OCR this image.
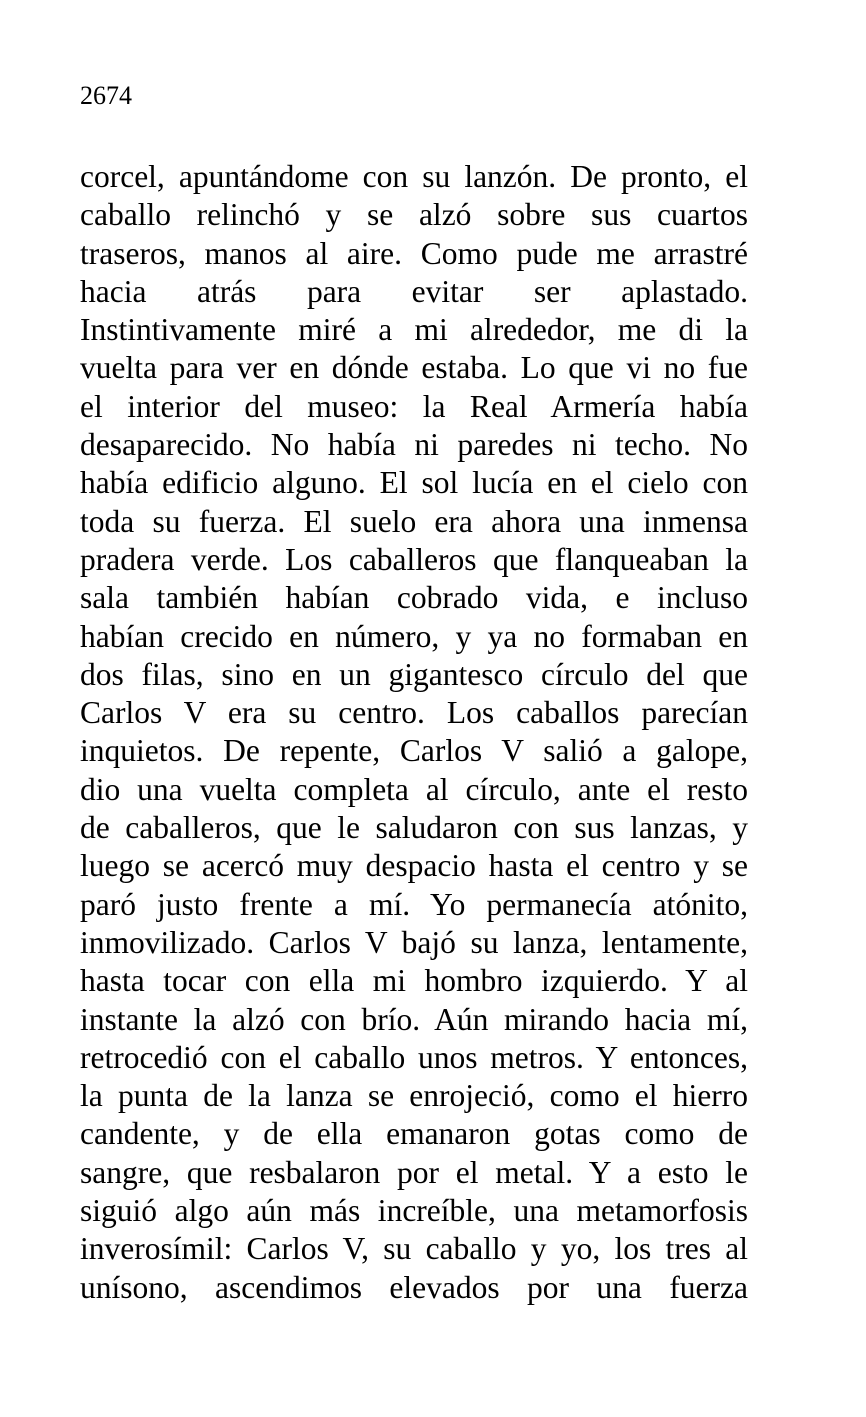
2674
corcel, apuntándome con su lanzón. De pronto, el
caballo relinchó y se alzó sobre sus cuartos
traseros, manos al aire. Como pude me arrastré
hacia atrás para evitar ser aplastado.
Instintivamente miré a mi alrededor, me di la
vuelta para ver en dónde estaba. Lo que vi no fue
el interior del museo: la Real Armería había
desaparecido. No había ni paredes ni techo. No
había edificio alguno. El sol lucía en el cielo con
toda su fuerza. El suelo era ahora una inmensa
pradera verde. Los caballeros que flanqueaban la
sala también habían cobrado vida, e incluso
habían crecido en número, y ya no formaban en
dos filas, sino en un gigantesco círculo del que
Carlos V era su centro. Los caballos parecían
inquietos. De repente, Carlos V salió a galope,
dio una vuelta completa al círculo, ante el resto
de caballeros, que le saludaron con sus lanzas, y
luego se acercó muy despacio hasta el centro y se
paró justo frente a mí. Yo permanecía atónito,
inmovilizado. Carlos V bajó su lanza, lentamente,
hasta tocar con ella mi hombro izquierdo. Y al
instante la alzó con brío. Aún mirando hacia mí,
retrocedió con el caballo unos metros. Y entonces,
la punta de la lanza se enrojeció, como el hierro
candente, y de ella emanaron gotas como de
sangre, que resbalaron por el metal. Y a esto le
siguió algo aún más increíble, una metamorfosis
inverosímil: Carlos V, su caballo y yo, los tres al
unísono, ascendimos elevados por una fuerza
